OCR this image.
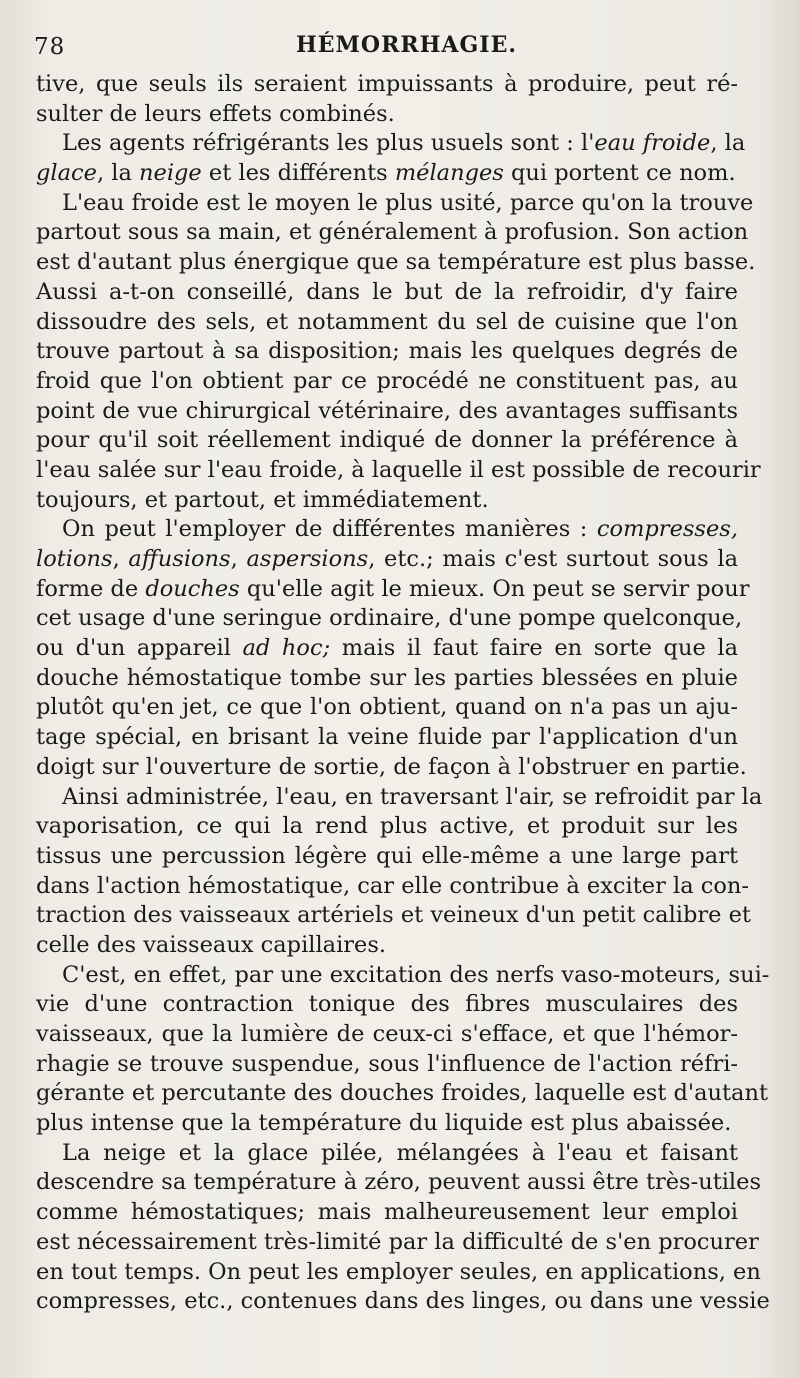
78	HÉMORRHAGIE.
tive, que seuls ils seraient impuissants à produire, peut ré-
sulter de leurs effets combinés.
Les agents réfrigérants les plus usuels sont : l'eau froide, la
glace, la neige et les différents mélanges qui portent ce nom.
L'eau froide est le moyen le plus usité, parce qu'on la trouve
partout sous sa main, et généralement à profusion. Son action
est d'autant plus énergique que sa température est plus basse.
Aussi a-t-on conseillé, dans le but de la refroidir, d'y faire
dissoudre des sels, et notamment du sel de cuisine que l'on
trouve partout à sa disposition; mais les quelques degrés de
froid que l'on obtient par ce procédé ne constituent pas, au
point de vue chirurgical vétérinaire, des avantages suffisants
pour qu'il soit réellement indiqué de donner la préférence à
l'eau salée sur l'eau froide, à laquelle il est possible de recourir
toujours, et partout, et immédiatement.
On peut l'employer de différentes manières : compresses,
lotions, affusions, aspersions, etc.; mais c'est surtout sous la
forme de douches qu'elle agit le mieux. On peut se servir pour
cet usage d'une seringue ordinaire, d'une pompe quelconque,
ou d'un appareil ad hoc; mais il faut faire en sorte que la
douche hémostatique tombe sur les parties blessées en pluie
plutôt qu'en jet, ce que l'on obtient, quand on n'a pas un aju-
tage spécial, en brisant la veine fluide par l'application d'un
doigt sur l'ouverture de sortie, de façon à l'obstruer en partie.
Ainsi administrée, l'eau, en traversant l'air, se refroidit par la
vaporisation, ce qui la rend plus active, et produit sur les
tissus une percussion légère qui elle-même a une large part
dans l'action hémostatique, car elle contribue à exciter la con-
traction des vaisseaux artériels et veineux d'un petit calibre et
celle des vaisseaux capillaires.
C'est, en effet, par une excitation des nerfs vaso-moteurs, sui-
vie d'une contraction tonique des fibres musculaires des
vaisseaux, que la lumière de ceux-ci s'efface, et que l'hémor-
rhagie se trouve suspendue, sous l'influence de l'action réfri-
gérante et percutante des douches froides, laquelle est d'autant
plus intense que la température du liquide est plus abaissée.
La neige et la glace pilée, mélangées à l'eau et faisant
descendre sa température à zéro, peuvent aussi être très-utiles
comme hémostatiques; mais malheureusement leur emploi
est nécessairement très-limité par la difficulté de s'en procurer
en tout temps. On peut les employer seules, en applications, en
compresses, etc., contenues dans des linges, ou dans une vessie
